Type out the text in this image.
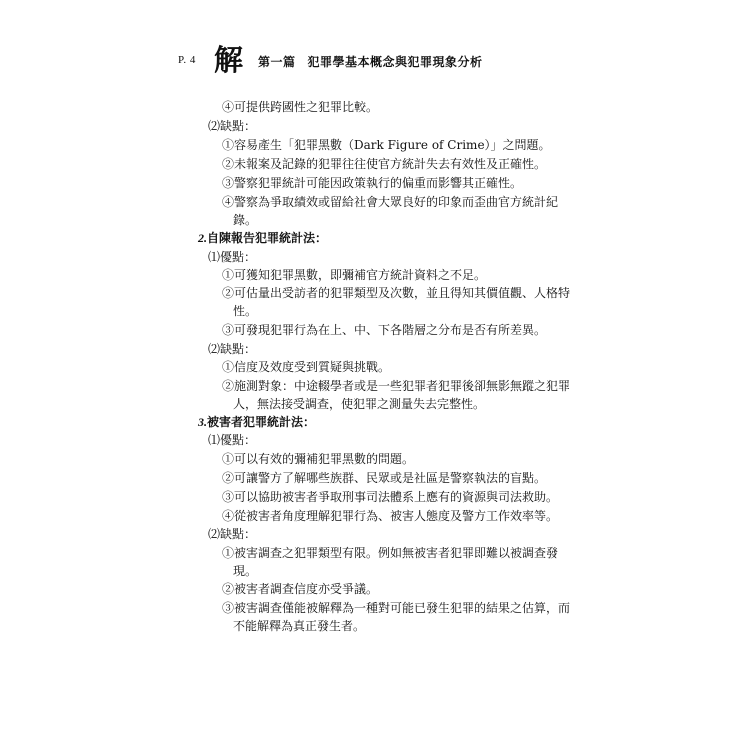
P. 4 解 第一篇 犯罪學基本概念與犯罪現象分析
④可提供跨國性之犯罪比較。
⑵缺點：
①容易產生「犯罪黑數（Dark Figure of Crime）」之問題。
②未報案及記錄的犯罪往往使官方統計失去有效性及正確性。
③警察犯罪統計可能因政策執行的偏重而影響其正確性。
④警察為爭取績效或留給社會大眾良好的印象而歪曲官方統計紀
錄。
2.自陳報告犯罪統計法：
⑴優點：
①可獲知犯罪黑數，即彌補官方統計資料之不足。
②可估量出受訪者的犯罪類型及次數，並且得知其價值觀、人格特
性。
③可發現犯罪行為在上、中、下各階層之分布是否有所差異。
⑵缺點：
①信度及效度受到質疑與挑戰。
②施測對象：中途輟學者或是一些犯罪者犯罪後卻無影無蹤之犯罪
人，無法接受調查，使犯罪之測量失去完整性。
3.被害者犯罪統計法：
⑴優點：
①可以有效的彌補犯罪黑數的問題。
②可讓警方了解哪些族群、民眾或是社區是警察執法的盲點。
③可以協助被害者爭取刑事司法體系上應有的資源與司法救助。
④從被害者角度理解犯罪行為、被害人態度及警方工作效率等。
⑵缺點：
①被害調查之犯罪類型有限。例如無被害者犯罪即難以被調查發
現。
②被害者調查信度亦受爭議。
③被害調查僅能被解釋為一種對可能已發生犯罪的結果之估算，而
不能解釋為真正發生者。
